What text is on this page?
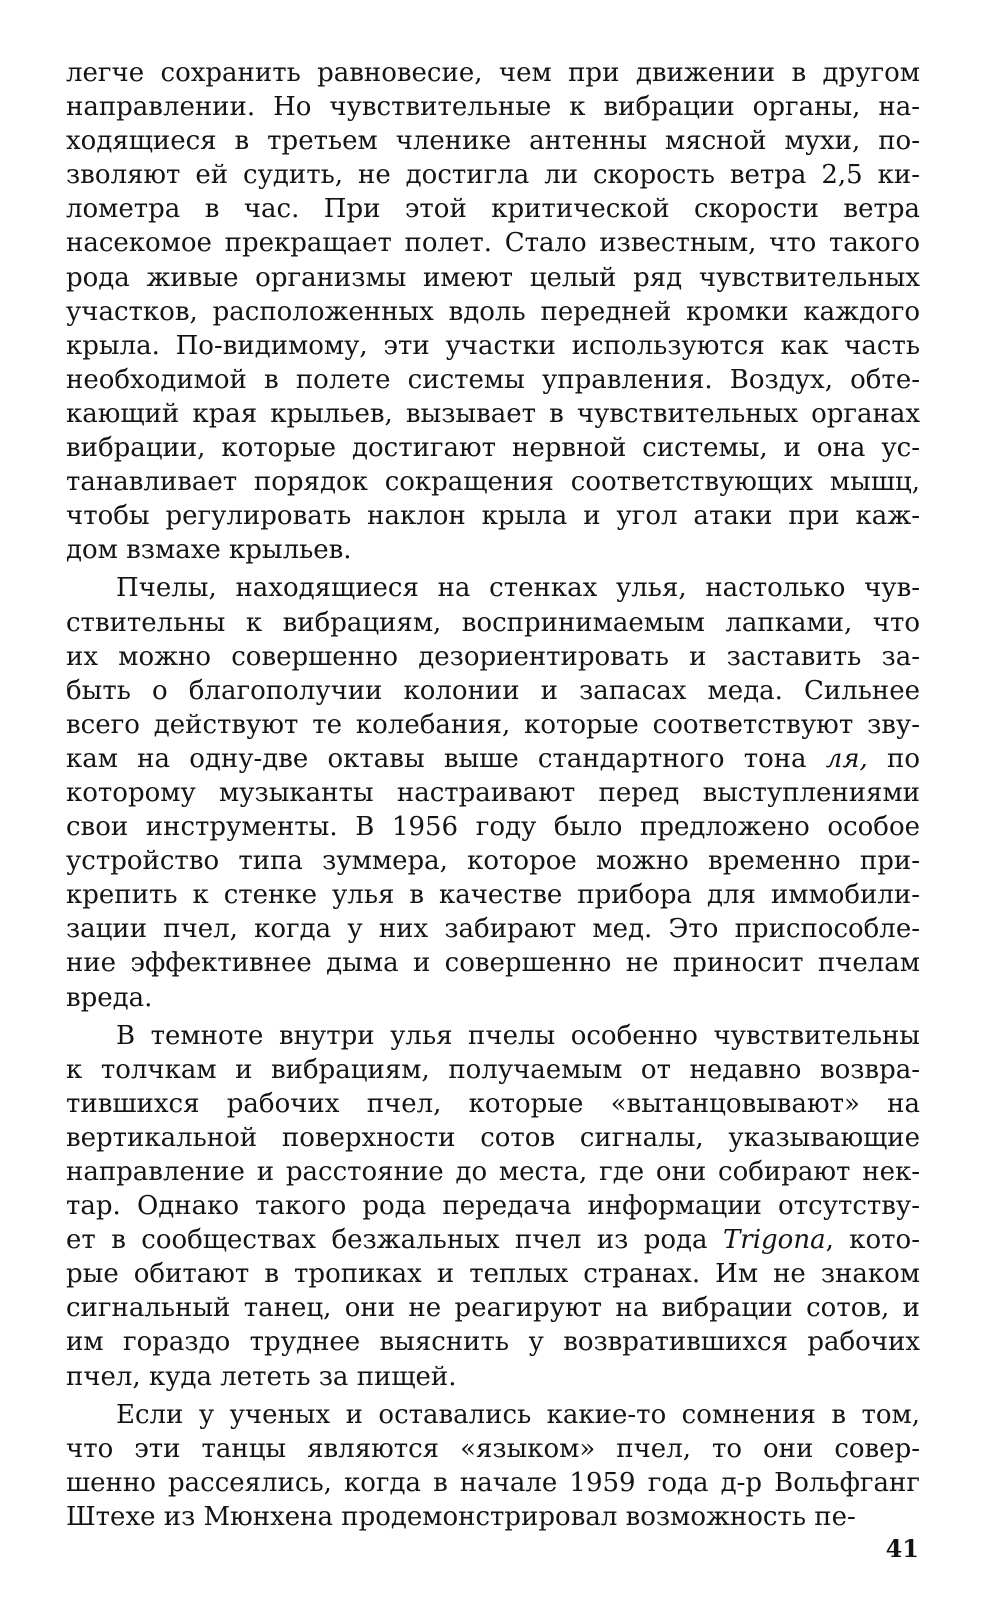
легче сохранить равновесие, чем при движении в другом
направлении. Но чувствительные к вибрации органы, на-
ходящиеся в третьем членике антенны мясной мухи, по-
зволяют ей судить, не достигла ли скорость ветра 2,5 ки-
лометра в час. При этой критической скорости ветра
насекомое прекращает полет. Стало известным, что такого
рода живые организмы имеют целый ряд чувствительных
участков, расположенных вдоль передней кромки каждого
крыла. По-видимому, эти участки используются как часть
необходимой в полете системы управления. Воздух, обте-
кающий края крыльев, вызывает в чувствительных органах
вибрации, которые достигают нервной системы, и она ус-
танавливает порядок сокращения соответствующих мышц,
чтобы регулировать наклон крыла и угол атаки при каж-
дом взмахе крыльев.
Пчелы, находящиеся на стенках улья, настолько чув-
ствительны к вибрациям, воспринимаемым лапками, что
их можно совершенно дезориентировать и заставить за-
быть о благополучии колонии и запасах меда. Сильнее
всего действуют те колебания, которые соответствуют зву-
кам на одну-две октавы выше стандартного тона ля, по
которому музыканты настраивают перед выступлениями
свои инструменты. В 1956 году было предложено особое
устройство типа зуммера, которое можно временно при-
крепить к стенке улья в качестве прибора для иммобили-
зации пчел, когда у них забирают мед. Это приспособле-
ние эффективнее дыма и совершенно не приносит пчелам
вреда.
В темноте внутри улья пчелы особенно чувствительны
к толчкам и вибрациям, получаемым от недавно возвра-
тившихся рабочих пчел, которые «вытанцовывают» на
вертикальной поверхности сотов сигналы, указывающие
направление и расстояние до места, где они собирают нек-
тар. Однако такого рода передача информации отсутству-
ет в сообществах безжальных пчел из рода Trigona, кото-
рые обитают в тропиках и теплых странах. Им не знаком
сигнальный танец, они не реагируют на вибрации сотов, и
им гораздо труднее выяснить у возвратившихся рабочих
пчел, куда лететь за пищей.
Если у ученых и оставались какие-то сомнения в том,
что эти танцы являются «языком» пчел, то они совер-
шенно рассеялись, когда в начале 1959 года д-р Вольфганг
Штехе из Мюнхена продемонстрировал возможность пе-
41
